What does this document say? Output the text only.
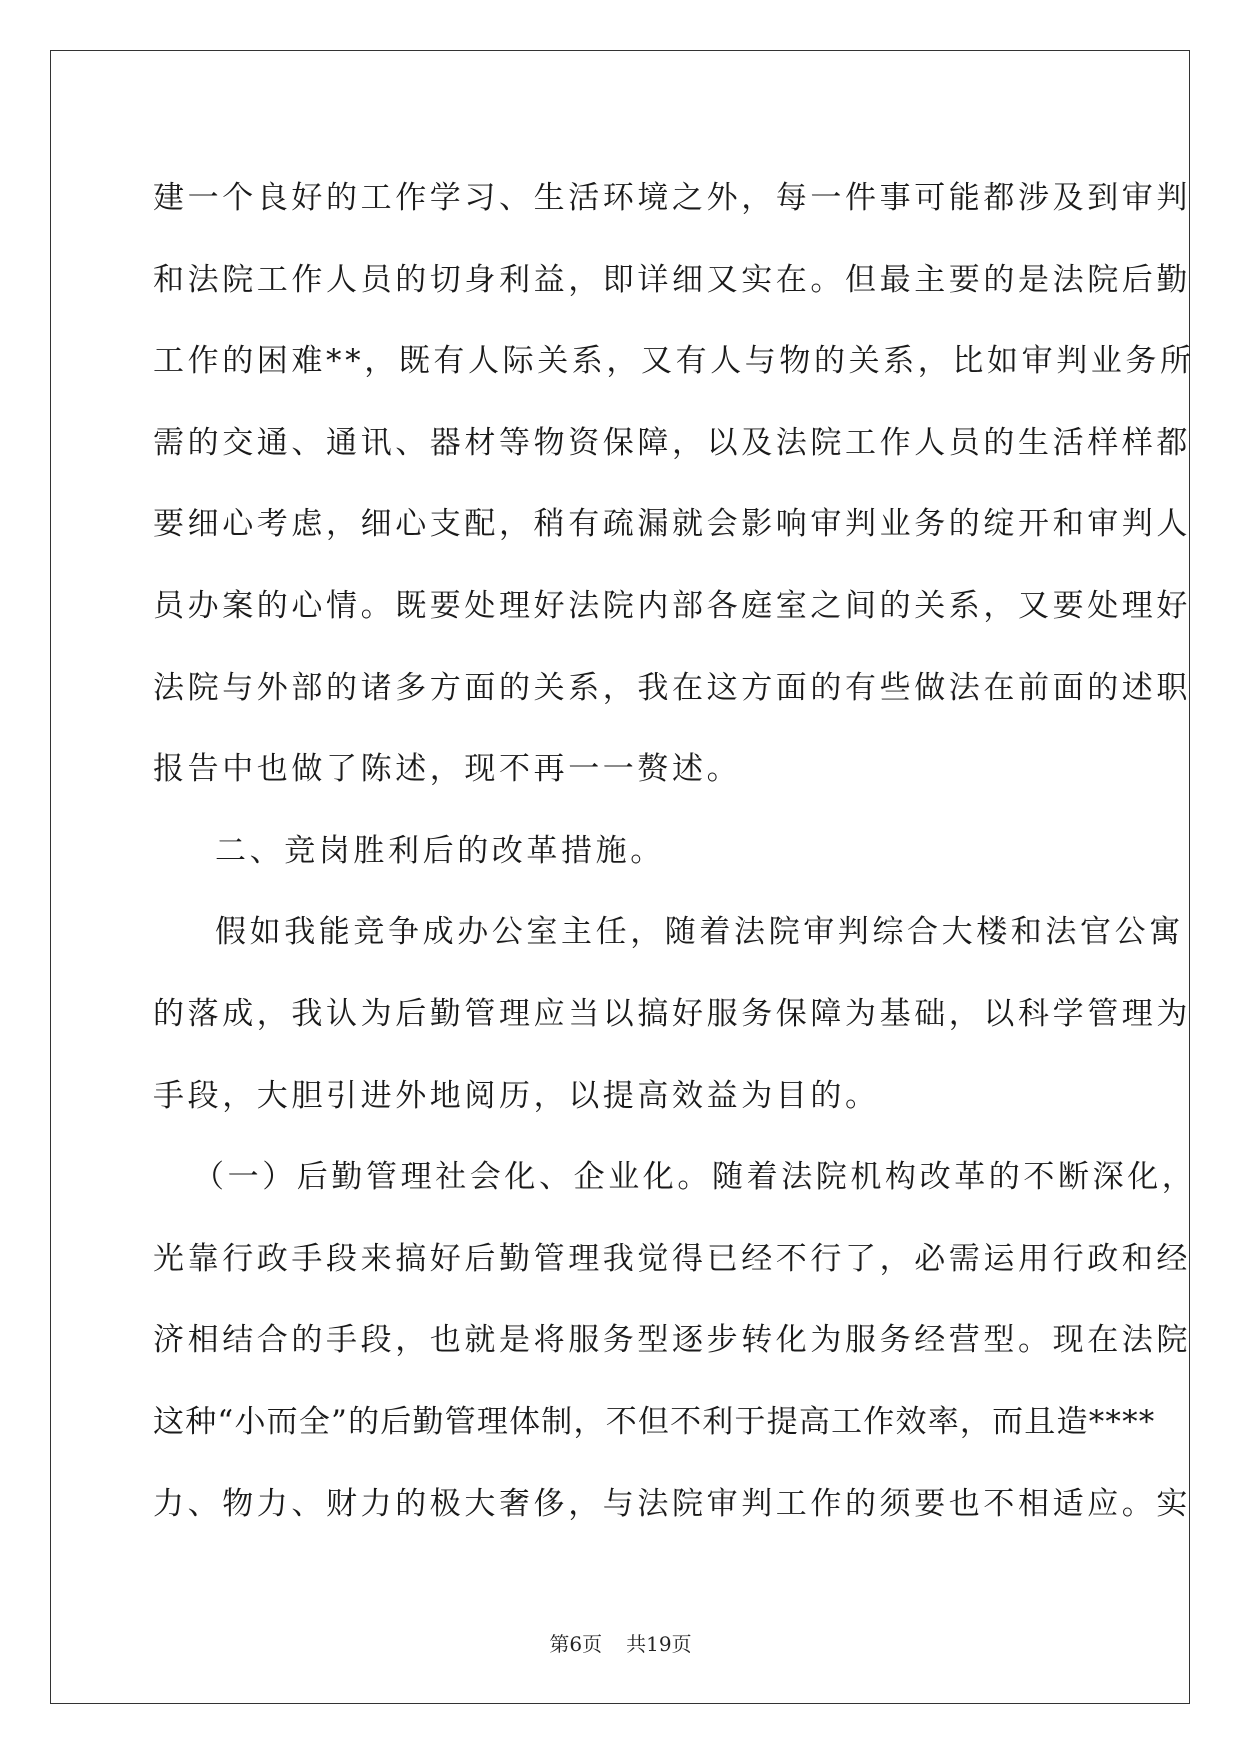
建一个良好的工作学习、生活环境之外，每一件事可能都涉及到审判
和法院工作人员的切身利益，即详细又实在。但最主要的是法院后勤
工作的困难**，既有人际关系，又有人与物的关系，比如审判业务所
需的交通、通讯、器材等物资保障，以及法院工作人员的生活样样都
要细心考虑，细心支配，稍有疏漏就会影响审判业务的绽开和审判人
员办案的心情。既要处理好法院内部各庭室之间的关系，又要处理好
法院与外部的诸多方面的关系，我在这方面的有些做法在前面的述职
报告中也做了陈述，现不再一一赘述。
二、竞岗胜利后的改革措施。
假如我能竞争成办公室主任，随着法院审判综合大楼和法官公寓
的落成，我认为后勤管理应当以搞好服务保障为基础，以科学管理为
手段，大胆引进外地阅历，以提高效益为目的。
（一）后勤管理社会化、企业化。随着法院机构改革的不断深化，
光靠行政手段来搞好后勤管理我觉得已经不行了，必需运用行政和经
济相结合的手段，也就是将服务型逐步转化为服务经营型。现在法院
这种“小而全”的后勤管理体制，不但不利于提高工作效率，而且造****
力、物力、财力的极大奢侈，与法院审判工作的须要也不相适应。实
第6页 共19页
